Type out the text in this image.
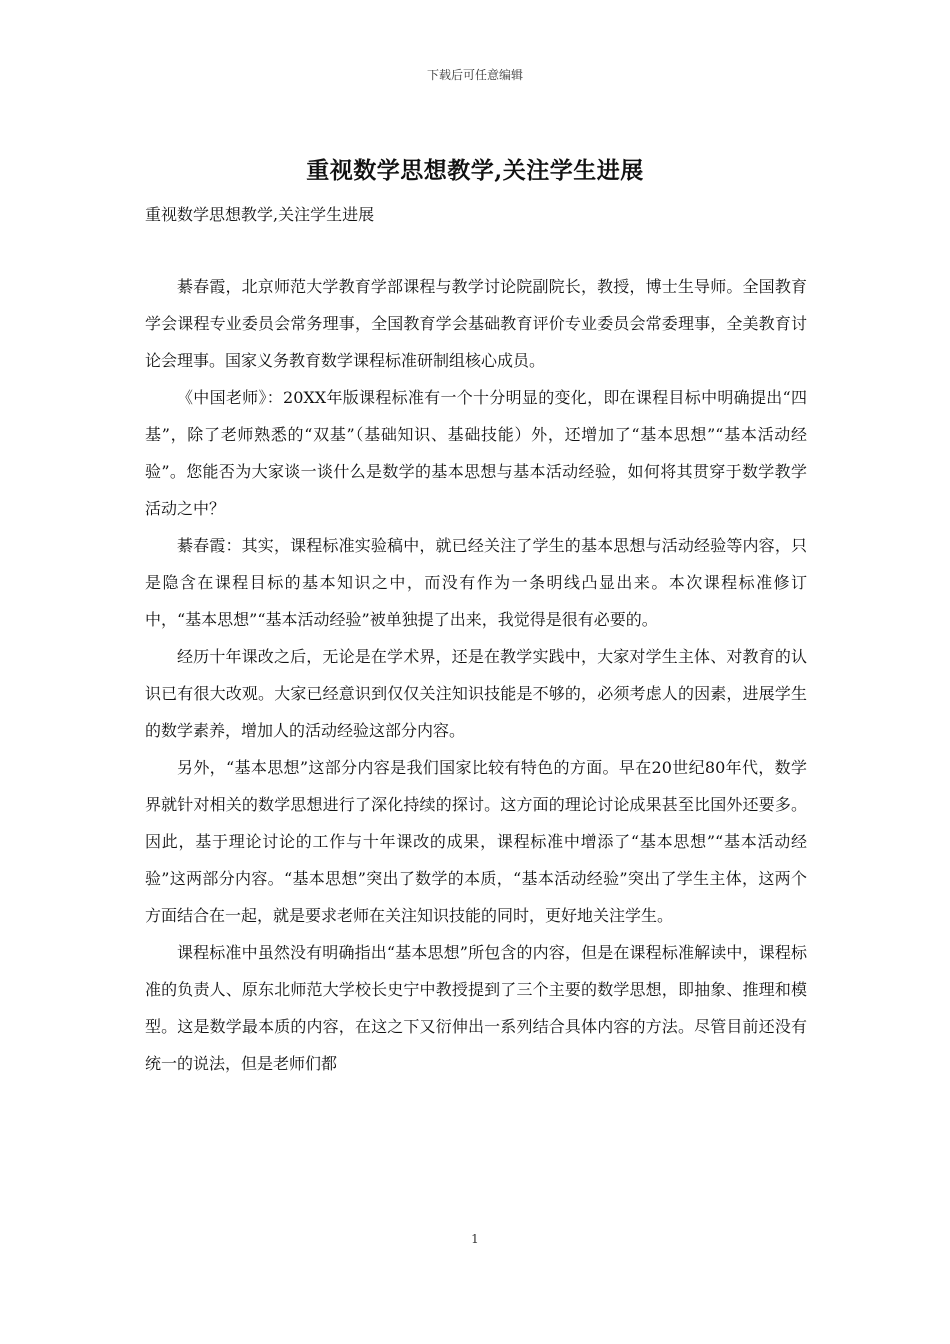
下载后可任意编辑
重视数学思想教学,关注学生进展
重视数学思想教学,关注学生进展

綦春霞，北京师范大学教育学部课程与教学讨论院副院长，教授，博士生导师。全国教育学会课程专业委员会常务理事，全国教育学会基础教育评价专业委员会常委理事，全美教育讨论会理事。国家义务教育数学课程标准研制组核心成员。

《中国老师》：20XX年版课程标准有一个十分明显的变化，即在课程目标中明确提出“四基”，除了老师熟悉的“双基”（基础知识、基础技能）外，还增加了“基本思想”“基本活动经验”。您能否为大家谈一谈什么是数学的基本思想与基本活动经验，如何将其贯穿于数学教学活动之中？

綦春霞：其实，课程标准实验稿中，就已经关注了学生的基本思想与活动经验等内容，只是隐含在课程目标的基本知识之中，而没有作为一条明线凸显出来。本次课程标准修订中，“基本思想”“基本活动经验”被单独提了出来，我觉得是很有必要的。

经历十年课改之后，无论是在学术界，还是在教学实践中，大家对学生主体、对教育的认识已有很大改观。大家已经意识到仅仅关注知识技能是不够的，必须考虑人的因素，进展学生的数学素养，增加人的活动经验这部分内容。

另外，“基本思想”这部分内容是我们国家比较有特色的方面。早在20世纪80年代，数学界就针对相关的数学思想进行了深化持续的探讨。这方面的理论讨论成果甚至比国外还要多。因此，基于理论讨论的工作与十年课改的成果，课程标准中增添了“基本思想”“基本活动经验”这两部分内容。“基本思想”突出了数学的本质，“基本活动经验”突出了学生主体，这两个方面结合在一起，就是要求老师在关注知识技能的同时，更好地关注学生。

课程标准中虽然没有明确指出“基本思想”所包含的内容，但是在课程标准解读中，课程标准的负责人、原东北师范大学校长史宁中教授提到了三个主要的数学思想，即抽象、推理和模型。这是数学最本质的内容，在这之下又衍伸出一系列结合具体内容的方法。尽管目前还没有统一的说法，但是老师们都

1
